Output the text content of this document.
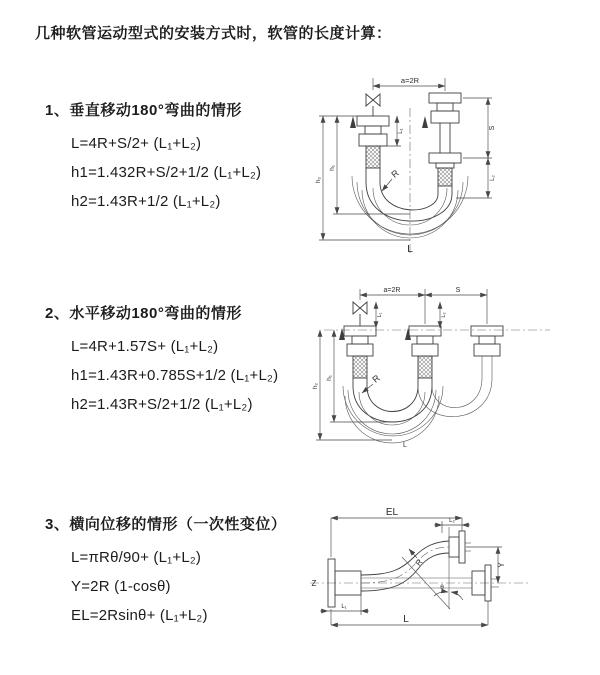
几种软管运动型式的安装方式时，软管的长度计算：
1、垂直移动180°弯曲的情形
L=4R+S/2+ (L₁+L₂)
h1=1.432R+S/2+1/2 (L₁+L₂)
h2=1.43R+1/2 (L₁+L₂)
2、水平移动180°弯曲的情形
L=4R+1.57S+ (L₁+L₂)
h1=1.43R+0.785S+1/2 (L₁+L₂)
h2=1.43R+S/2+1/2 (L₁+L₂)
3、横向位移的情形（一次性变位）
L=πRθ/90+ (L₁+L₂)
Y=2R (1-cosθ)
EL=2Rsinθ+ (L₁+L₂)
a=2R
h₂
h₁
L₁
S
L₂
R
L
a=2R	S
h₂
h₁
L₁	L₂
R
L
Z
EL
L₂
Y
L₁
L
R
θ
